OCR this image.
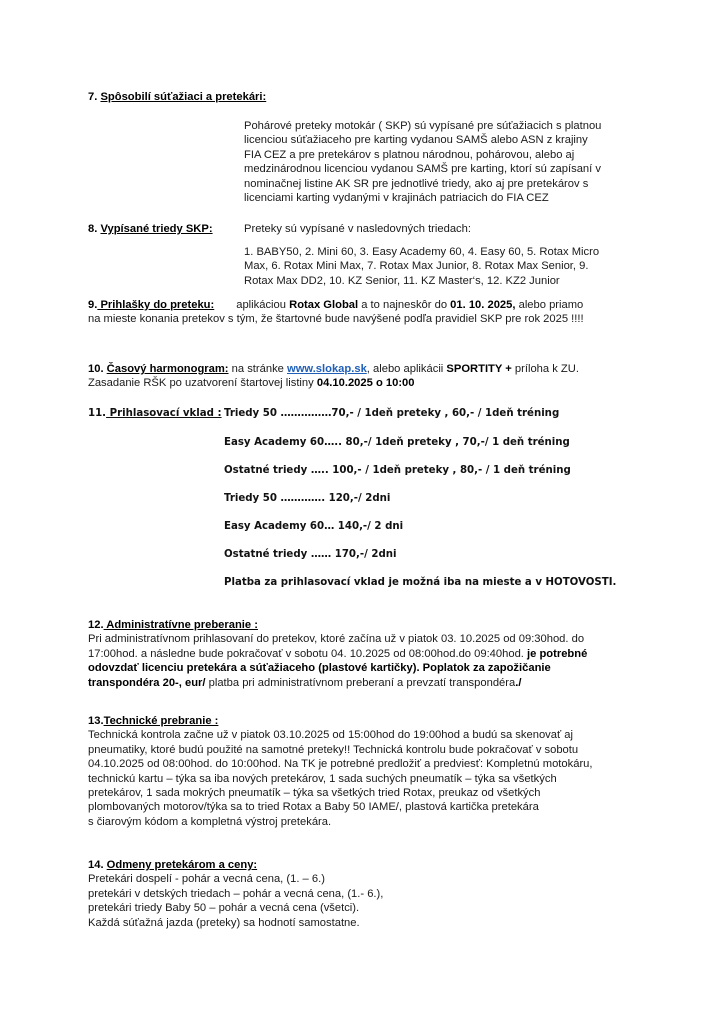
7. Spôsobilí súťažiaci a pretekári:
Pohárové preteky motokár ( SKP) sú vypísané pre súťažiacich s platnou
licenciou súťažiaceho pre karting vydanou SAMŠ alebo ASN z krajiny
FIA CEZ a pre pretekárov s platnou národnou, pohárovou, alebo aj
medzinárodnou licenciou vydanou SAMŠ pre karting, ktorí sú zapísaní v
nominačnej listine AK SR pre jednotlivé triedy, ako aj pre pretekárov s
licenciami karting vydanými v krajinách patriacich do FIA CEZ
8. Vypísané triedy SKP:	Preteky sú vypísané v nasledovných triedach:
1. BABY50, 2. Mini 60, 3. Easy Academy 60, 4. Easy 60, 5. Rotax Micro
Max, 6. Rotax Mini Max, 7. Rotax Max Junior, 8. Rotax Max Senior, 9.
Rotax Max DD2, 10. KZ Senior, 11. KZ Master‘s, 12. KZ2 Junior
9. Prihlašky do preteku: aplikáciou Rotax Global a to najneskôr do 01. 10. 2025, alebo priamo
na mieste konania pretekov s tým, že štartovné bude navýšené podľa pravidiel SKP pre rok 2025 !!!!
10. Časový harmonogram: na stránke www.slokap.sk, alebo aplikácii SPORTITY + príloha k ZU.
Zasadanie RŠK po uzatvorení štartovej listiny 04.10.2025 o 10:00
11. Prihlasovací vklad : Triedy 50 ……………70,- / 1deň preteky , 60,- / 1deň tréning
Easy Academy 60….. 80,-/ 1deň preteky , 70,-/ 1 deň tréning
Ostatné triedy ….. 100,- / 1deň preteky , 80,- / 1 deň tréning
Triedy 50 …………. 120,-/ 2dni
Easy Academy 60… 140,-/ 2 dni
Ostatné triedy …… 170,-/ 2dni
Platba za prihlasovací vklad je možná iba na mieste a v HOTOVOSTI.
12. Administratívne preberanie :
Pri administratívnom prihlasovaní do pretekov, ktoré začína už v piatok 03. 10.2025 od 09:30hod. do
17:00hod. a následne bude pokračovať v sobotu 04. 10.2025 od 08:00hod.do 09:40hod. je potrebné
odovzdať licenciu pretekára a súťažiaceho (plastové kartičky). Poplatok za zapožičanie
transpondéra 20-, eur/ platba pri administratívnom preberaní a prevzatí transpondéra./
13.Technické prebranie :
Technická kontrola začne už v piatok 03.10.2025 od 15:00hod do 19:00hod a budú sa skenovať aj
pneumatiky, ktoré budú použité na samotné preteky!! Technická kontrolu bude pokračovať v sobotu
04.10.2025 od 08:00hod. do 10:00hod. Na TK je potrebné predložiť a predviesť: Kompletnú motokáru,
technickú kartu – týka sa iba nových pretekárov, 1 sada suchých pneumatík – týka sa všetkých
pretekárov, 1 sada mokrých pneumatík – týka sa všetkých tried Rotax, preukaz od všetkých
plombovaných motorov/týka sa to tried Rotax a Baby 50 IAME/, plastová kartička pretekára
s čiarovým kódom a kompletná výstroj pretekára.
14. Odmeny pretekárom a ceny:
Pretekári dospelí - pohár a vecná cena, (1. – 6.)
pretekári v detských triedach – pohár a vecná cena, (1.- 6.),
pretekári triedy Baby 50 – pohár a vecná cena (všetci).
Každá súťažná jazda (preteky) sa hodnotí samostatne.
